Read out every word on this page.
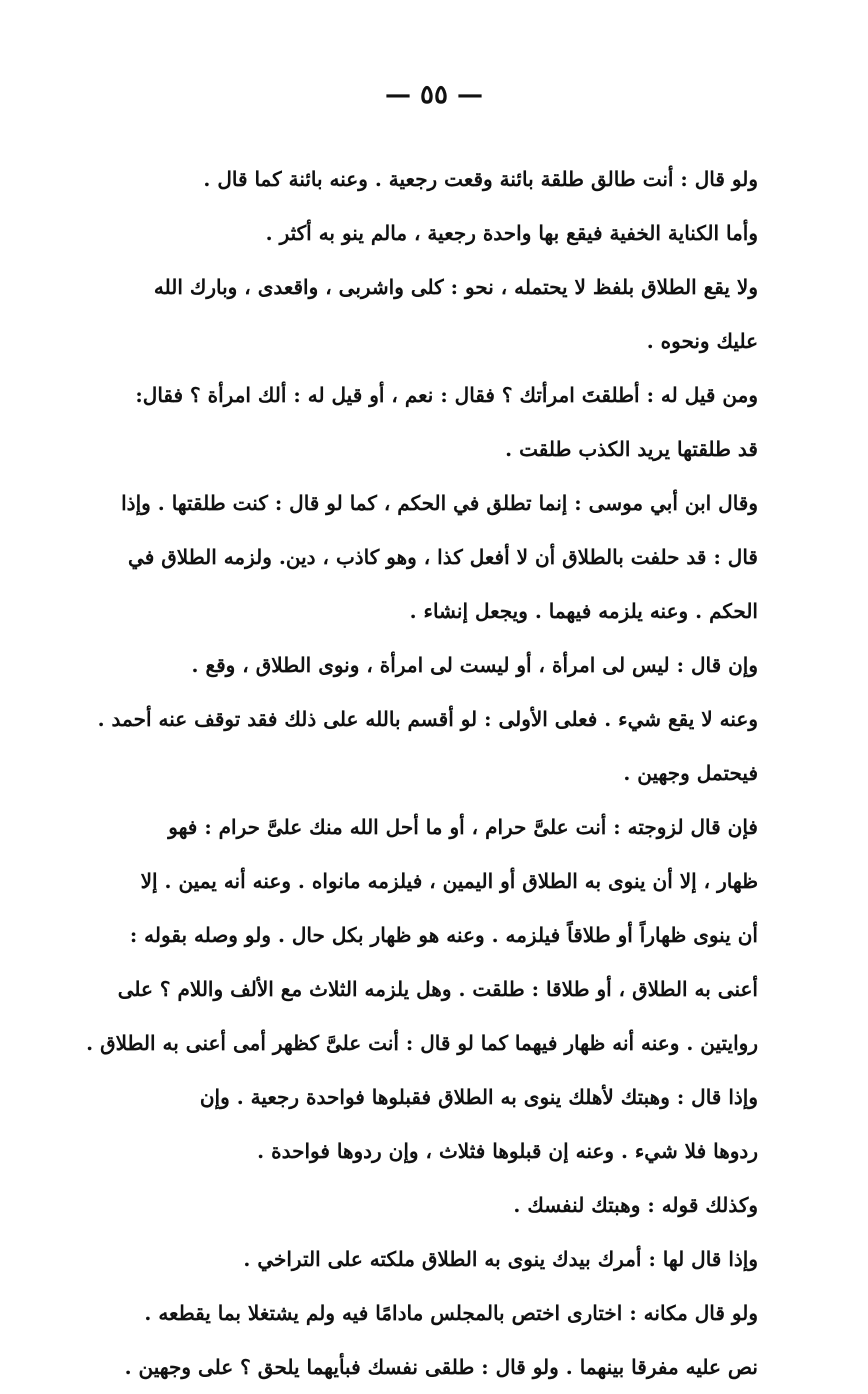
— ٥٥ —
ولو قال : أنت طالق طلقة بائنة وقعت رجعية . وعنه بائنة كما قال .
وأما الكناية الخفية فيقع بها واحدة رجعية ، مالم ينو به أكثر .
ولا يقع الطلاق بلفظ لا يحتمله ، نحو : كلى واشربى ، واقعدى ، وبارك الله
عليك ونحوه .
ومن قيل له : أطلقتَ امرأتك ؟ فقال : نعم ، أو قيل له : ألك امرأة ؟ فقال:
قد طلقتها يريد الكذب طلقت .
وقال ابن أبي موسى : إنما تطلق في الحكم ، كما لو قال : كنت طلقتها . وإذا
قال : قد حلفت بالطلاق أن لا أفعل كذا ، وهو كاذب ، دين. ولزمه الطلاق في
الحكم . وعنه يلزمه فيهما . ويجعل إنشاء .
وإن قال : ليس لى امرأة ، أو ليست لى امرأة ، ونوى الطلاق ، وقع .
وعنه لا يقع شيء . فعلى الأولى : لو أقسم بالله على ذلك فقد توقف عنه أحمد .
فيحتمل وجهين .
فإن قال لزوجته : أنت علىَّ حرام ، أو ما أحل الله منك علىَّ حرام : فهو
ظهار ، إلا أن ينوى به الطلاق أو اليمين ، فيلزمه مانواه . وعنه أنه يمين . إلا
أن ينوى ظهاراً أو طلاقاً فيلزمه . وعنه هو ظهار بكل حال . ولو وصله بقوله :
أعنى به الطلاق ، أو طلاقا : طلقت . وهل يلزمه الثلاث مع الألف واللام ؟ على
روايتين . وعنه أنه ظهار فيهما كما لو قال : أنت علىَّ كظهر أمى أعنى به الطلاق .
وإذا قال : وهبتك لأهلك ينوى به الطلاق فقبلوها فواحدة رجعية . وإن
ردوها فلا شيء . وعنه إن قبلوها فثلاث ، وإن ردوها فواحدة .
وكذلك قوله : وهبتك لنفسك .
وإذا قال لها : أمرك بيدك ينوى به الطلاق ملكته على التراخي .
ولو قال مكانه : اختارى اختص بالمجلس مادامًا فيه ولم يشتغلا بما يقطعه .
نص عليه مفرقا بينهما . ولو قال : طلقى نفسك فبأيهما يلحق ؟ على وجهين .
